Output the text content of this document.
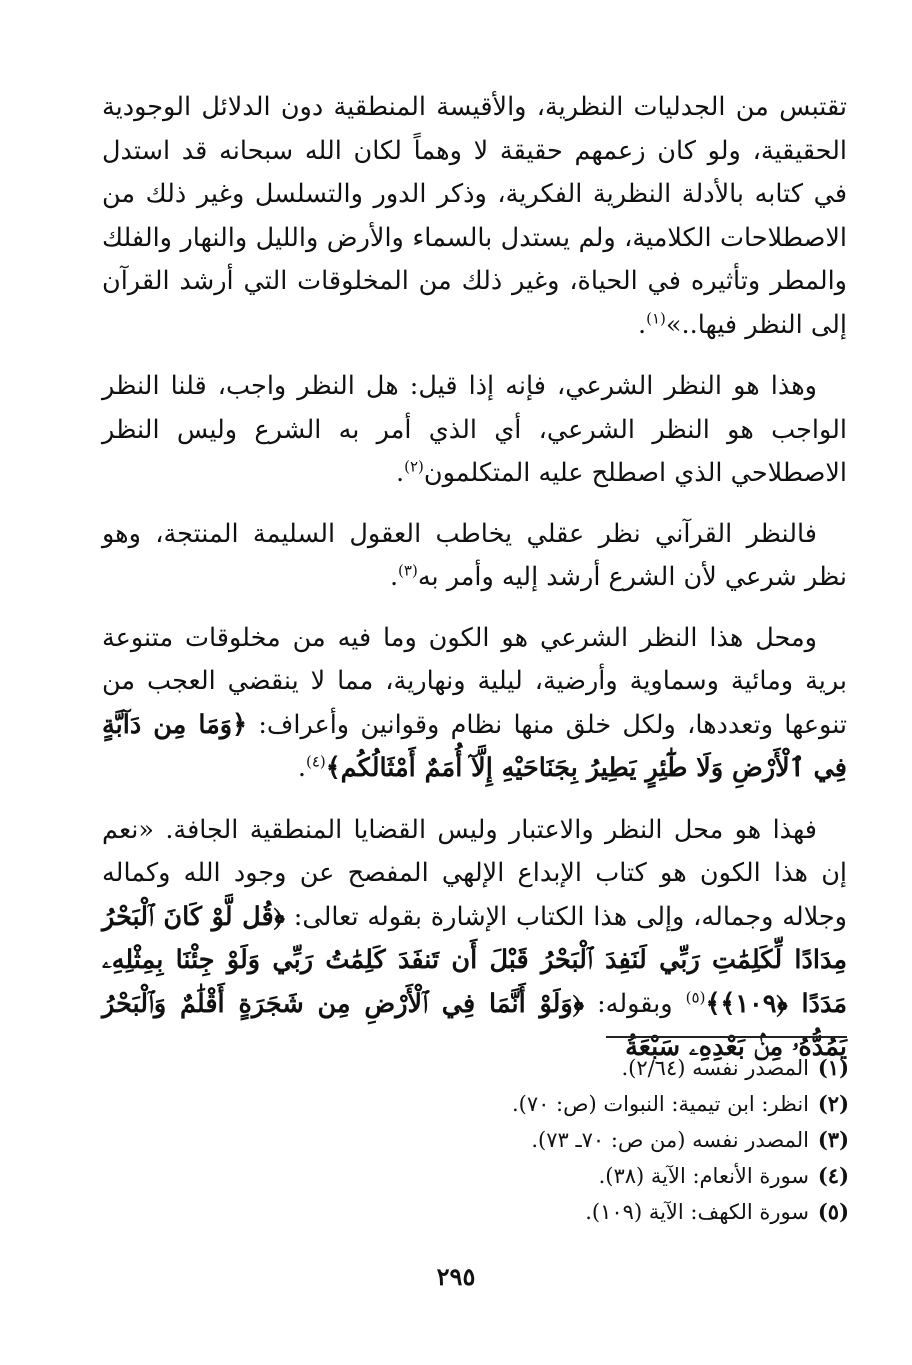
تقتبس من الجدليات النظرية، والأقيسة المنطقية دون الدلائل الوجودية الحقيقية، ولو كان زعمهم حقيقة لا وهماً لكان الله سبحانه قد استدل في كتابه بالأدلة النظرية الفكرية، وذكر الدور والتسلسل وغير ذلك من الاصطلاحات الكلامية، ولم يستدل بالسماء والأرض والليل والنهار والفلك والمطر وتأثيره في الحياة، وغير ذلك من المخلوقات التي أرشد القرآن إلى النظر فيها..»$^{(١)}$.

وهذا هو النظر الشرعي، فإنه إذا قيل: هل النظر واجب، قلنا النظر الواجب هو النظر الشرعي، أي الذي أمر به الشرع وليس النظر الاصطلاحي الذي اصطلح عليه المتكلمون$^{(٢)}$.

فالنظر القرآني نظر عقلي يخاطب العقول السليمة المنتجة، وهو نظر شرعي لأن الشرع أرشد إليه وأمر به$^{(٣)}$.

ومحل هذا النظر الشرعي هو الكون وما فيه من مخلوقات متنوعة برية ومائية وسماوية وأرضية، ليلية ونهارية، مما لا ينقضي العجب من تنوعها وتعددها، ولكل خلق منها نظام وقوانين وأعراف: ﴿وَمَا مِن دَآبَّةٍ فِي ٱلْأَرْضِ وَلَا طَٰٓئِرٍ يَطِيرُ بِجَنَاحَيْهِ إِلَّآ أُمَمٌ أَمْثَالُكُم﴾$^{(٤)}$.

فهذا هو محل النظر والاعتبار وليس القضايا المنطقية الجافة. «نعم إن هذا الكون هو كتاب الإبداع الإلهي المفصح عن وجود الله وكماله وجلاله وجماله، وإلى هذا الكتاب الإشارة بقوله تعالى: ﴿قُل لَّوْ كَانَ ٱلْبَحْرُ مِدَادًا لِّكَلِمَٰتِ رَبِّي لَنَفِدَ ٱلْبَحْرُ قَبْلَ أَن تَنفَدَ كَلِمَٰتُ رَبِّي وَلَوْ جِئْنَا بِمِثْلِهِۦ مَدَدًا ﴿١٠٩﴾﴾$^{(٥)}$ وبقوله: ﴿وَلَوْ أَنَّمَا فِي ٱلْأَرْضِ مِن شَجَرَةٍ أَقْلَٰمٌ وَٱلْبَحْرُ يَمُدُّهُۥ مِنۢ بَعْدِهِۦ سَبْعَةُ

(١)المصدر نفسه (٢/٦٤).
(٢)انظر: ابن تيمية: النبوات (ص: ٧٠).
(٣)المصدر نفسه (من ص: ٧٠ـ ٧٣).
(٤)سورة الأنعام: الآية (٣٨).
(٥)سورة الكهف: الآية (١٠٩).
٢٩٥
